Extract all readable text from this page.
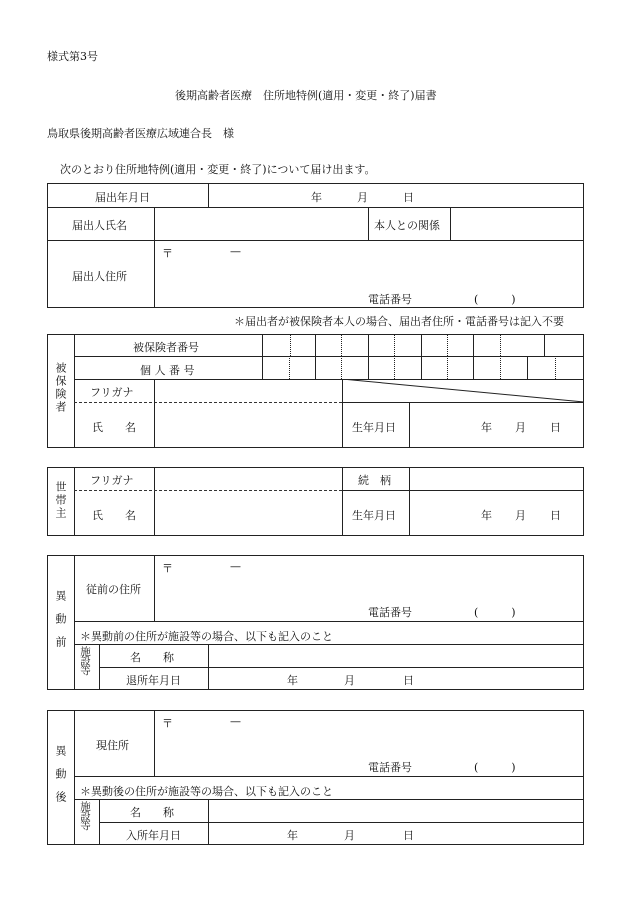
様式第3号
後期高齢者医療　住所地特例(適用・変更・終了)届書
鳥取県後期高齢者医療広域連合長　様
次のとおり住所地特例(適用・変更・終了)について届け出ます。
届出年月日	年	月	日
届出人氏名	本人との関係
届出人住所
〒	—
電話番号	(　　　)
＊届出者が被保険者本人の場合、届出者住所・電話番号は記入不要
被保険者
被保険者番号
個 人 番 号
フリガナ
氏　　名	生年月日	年 月 日
世帯主
フリガナ	続　柄
氏　　名	生年月日	年 月 日
異動前
従前の住所
〒	—
電話番号	(　　　)
＊異動前の住所が施設等の場合、以下も記入のこと
施設等	名　　称
退所年月日	年	月	日
異動後	現住所
〒	—
電話番号	(　　　)
＊異動後の住所が施設等の場合、以下も記入のこと
施設等	名　　称
入所年月日	年	月	日
